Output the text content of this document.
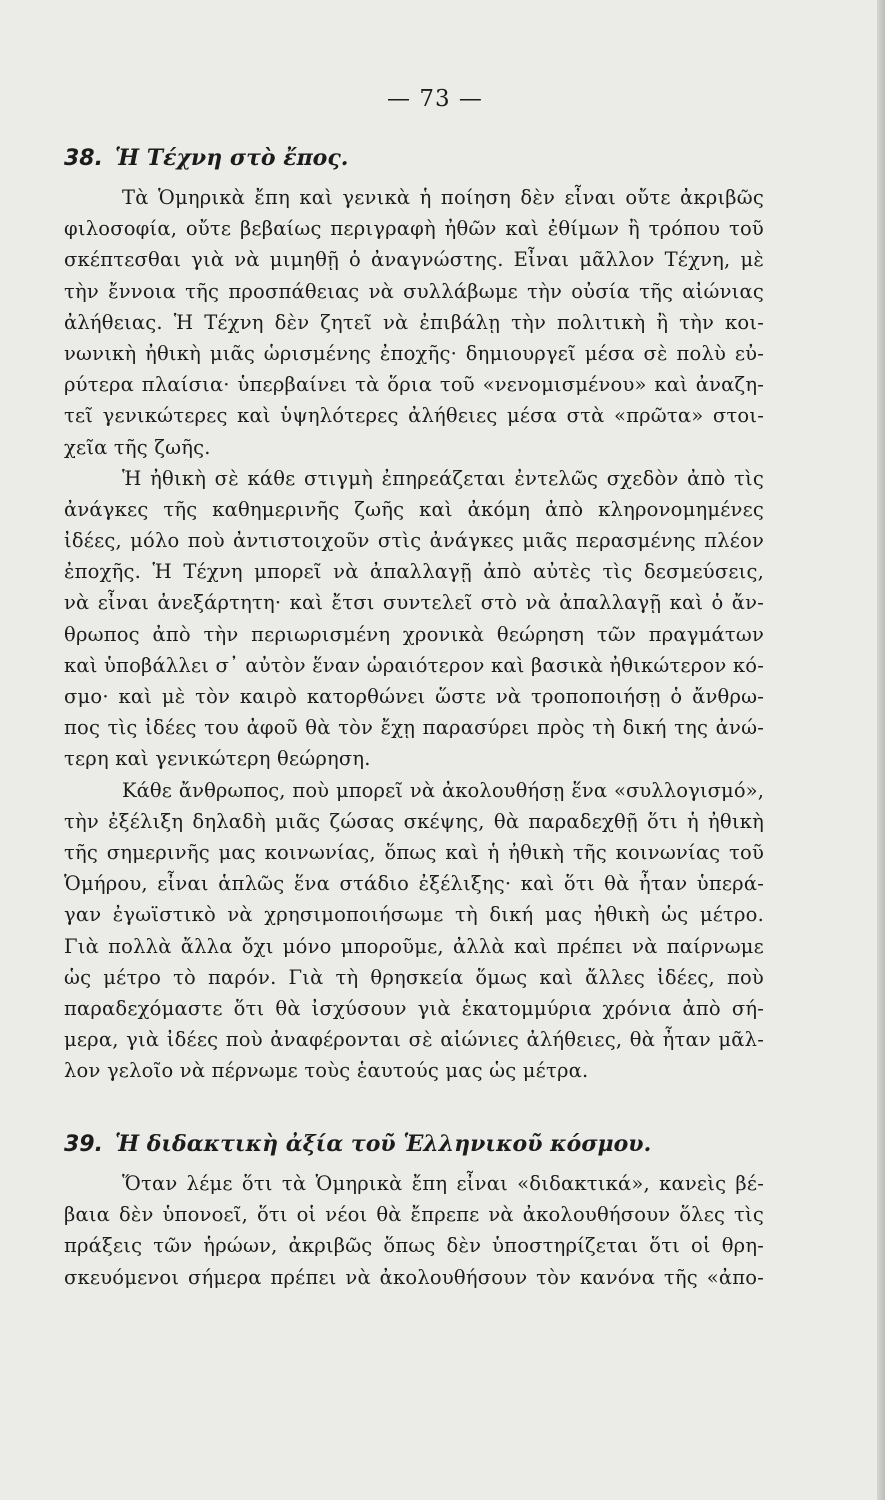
— 73 —
38. Ἡ Τέχνη στὸ ἔπος.
Τὰ Ὁμηρικὰ ἔπη καὶ γενικὰ ἡ ποίηση δὲν εἶναι οὔτε ἀκριβῶς
φιλοσοφία, οὔτε βεβαίως περιγραφὴ ἠθῶν καὶ ἐθίμων ἢ τρόπου τοῦ
σκέπτεσθαι γιὰ νὰ μιμηθῇ ὁ ἀναγνώστης. Εἶναι μᾶλλον Τέχνη, μὲ
τὴν ἔννοια τῆς προσπάθειας νὰ συλλάβωμε τὴν οὐσία τῆς αἰώνιας
ἀλήθειας. Ἡ Τέχνη δὲν ζητεῖ νὰ ἐπιβάλῃ τὴν πολιτικὴ ἢ τὴν κοι-
νωνικὴ ἠθικὴ μιᾶς ὡρισμένης ἐποχῆς· δημιουργεῖ μέσα σὲ πολὺ εὐ-
ρύτερα πλαίσια· ὑπερβαίνει τὰ ὅρια τοῦ «νενομισμένου» καὶ ἀναζη-
τεῖ γενικώτερες καὶ ὑψηλότερες ἀλήθειες μέσα στὰ «πρῶτα» στοι-
χεῖα τῆς ζωῆς.
Ἡ ἠθικὴ σὲ κάθε στιγμὴ ἐπηρεάζεται ἐντελῶς σχεδὸν ἀπὸ τὶς
ἀνάγκες τῆς καθημερινῆς ζωῆς καὶ ἀκόμη ἀπὸ κληρονομημένες
ἰδέες, μόλο ποὺ ἀντιστοιχοῦν στὶς ἀνάγκες μιᾶς περασμένης πλέον
ἐποχῆς. Ἡ Τέχνη μπορεῖ νὰ ἀπαλλαγῇ ἀπὸ αὐτὲς τὶς δεσμεύσεις,
νὰ εἶναι ἀνεξάρτητη· καὶ ἔτσι συντελεῖ στὸ νὰ ἀπαλλαγῇ καὶ ὁ ἄν-
θρωπος ἀπὸ τὴν περιωρισμένη χρονικὰ θεώρηση τῶν πραγμάτων
καὶ ὑποβάλλει σ᾽ αὐτὸν ἕναν ὡραιότερον καὶ βασικὰ ἠθικώτερον κό-
σμο· καὶ μὲ τὸν καιρὸ κατορθώνει ὥστε νὰ τροποποιήσῃ ὁ ἄνθρω-
πος τὶς ἰδέες του ἀφοῦ θὰ τὸν ἔχῃ παρασύρει πρὸς τὴ δική της ἀνώ-
τερη καὶ γενικώτερη θεώρηση.
Κάθε ἄνθρωπος, ποὺ μπορεῖ νὰ ἀκολουθήσῃ ἕνα «συλλογισμό»,
τὴν ἐξέλιξη δηλαδὴ μιᾶς ζώσας σκέψης, θὰ παραδεχθῇ ὅτι ἡ ἠθικὴ
τῆς σημερινῆς μας κοινωνίας, ὅπως καὶ ἡ ἠθικὴ τῆς κοινωνίας τοῦ
Ὁμήρου, εἶναι ἁπλῶς ἕνα στάδιο ἐξέλιξης· καὶ ὅτι θὰ ἦταν ὑπερά-
γαν ἐγωϊστικὸ νὰ χρησιμοποιήσωμε τὴ δική μας ἠθικὴ ὡς μέτρο.
Γιὰ πολλὰ ἄλλα ὄχι μόνο μποροῦμε, ἀλλὰ καὶ πρέπει νὰ παίρνωμε
ὡς μέτρο τὸ παρόν. Γιὰ τὴ θρησκεία ὅμως καὶ ἄλλες ἰδέες, ποὺ
παραδεχόμαστε ὅτι θὰ ἰσχύσουν γιὰ ἑκατομμύρια χρόνια ἀπὸ σή-
μερα, γιὰ ἰδέες ποὺ ἀναφέρονται σὲ αἰώνιες ἀλήθειες, θὰ ἦταν μᾶλ-
λον γελοῖο νὰ πέρνωμε τοὺς ἑαυτούς μας ὡς μέτρα.
39. Ἡ διδακτικὴ ἀξία τοῦ Ἑλληνικοῦ κόσμου.
Ὅταν λέμε ὅτι τὰ Ὁμηρικὰ ἔπη εἶναι «διδακτικά», κανεὶς βέ-
βαια δὲν ὑπονοεῖ, ὅτι οἱ νέοι θὰ ἔπρεπε νὰ ἀκολουθήσουν ὅλες τὶς
πράξεις τῶν ἡρώων, ἀκριβῶς ὅπως δὲν ὑποστηρίζεται ὅτι οἱ θρη-
σκευόμενοι σήμερα πρέπει νὰ ἀκολουθήσουν τὸν κανόνα τῆς «ἀπο-
